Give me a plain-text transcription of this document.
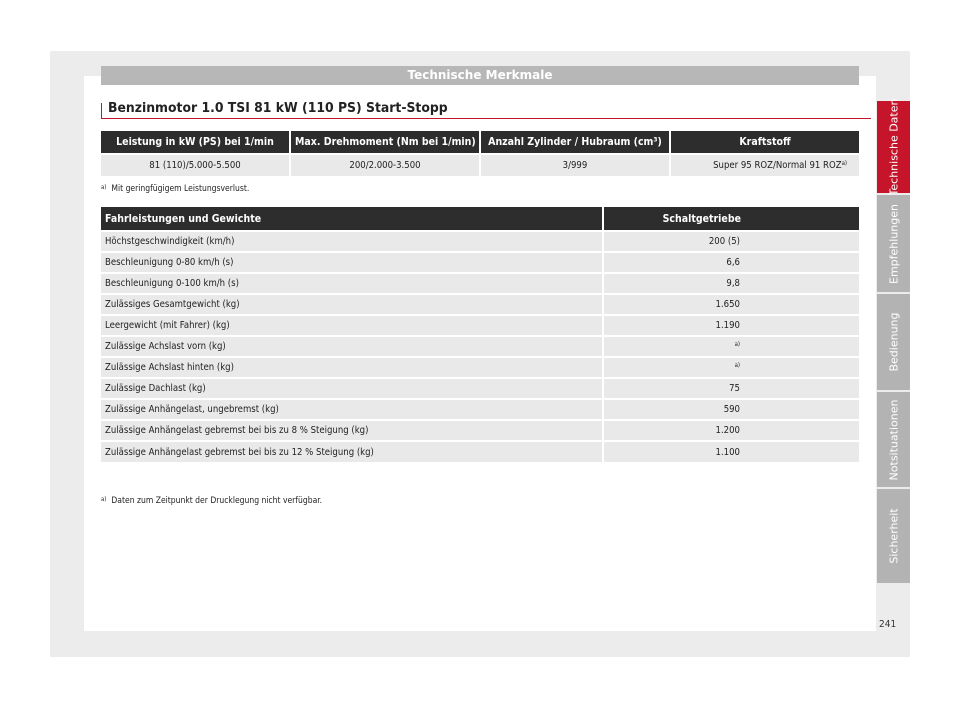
Technische Merkmale
Benzinmotor 1.0 TSI 81 kW (110 PS) Start-Stopp
Leistung in kW (PS) bei 1/min	Max. Drehmoment (Nm bei 1/min)	Anzahl Zylinder / Hubraum (cm³)	Kraftstoff
81 (110)/5.000-5.500	200/2.000-3.500	3/999	Super 95 ROZ/Normal 91 ROZ$^{a)}$
$^{a)}$ Mit geringfügigem Leistungsverlust.
Fahrleistungen und Gewichte	Schaltgetriebe
Höchstgeschwindigkeit (km/h)	200 (5)
Beschleunigung 0-80 km/h (s)	6,6
Beschleunigung 0-100 km/h (s)	9,8
Zulässiges Gesamtgewicht (kg)	1.650
Leergewicht (mit Fahrer) (kg)	1.190
Zulässige Achslast vorn (kg)	$^{a)}$
Zulässige Achslast hinten (kg)	$^{a)}$
Zulässige Dachlast (kg)	75
Zulässige Anhängelast, ungebremst (kg)	590
Zulässige Anhängelast gebremst bei bis zu 8 % Steigung (kg)	1.200
Zulässige Anhängelast gebremst bei bis zu 12 % Steigung (kg)	1.100
$^{a)}$ Daten zum Zeitpunkt der Drucklegung nicht verfügbar.
Technische Daten
Empfehlungen
Bedienung
Notsituationen
Sicherheit
241
